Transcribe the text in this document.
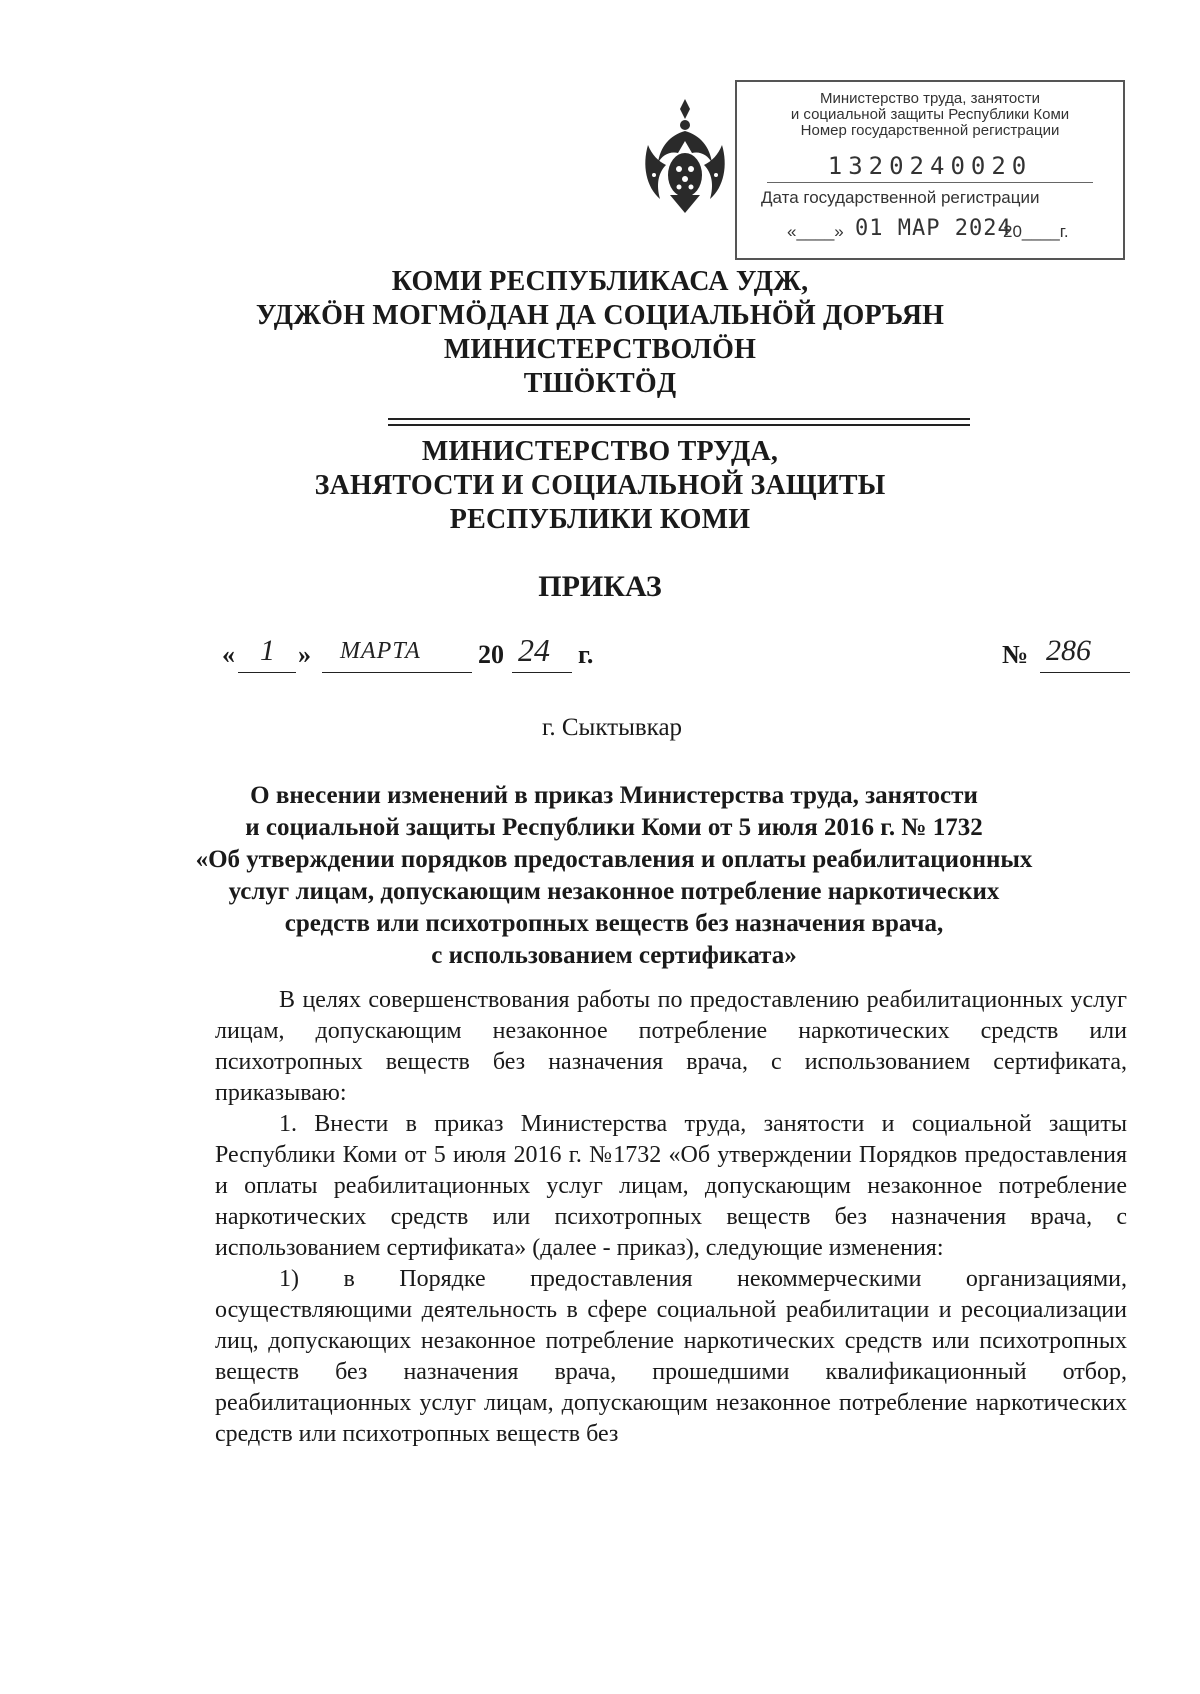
Министерство труда, занятости
и социальной защиты Республики Коми
Номер государственной регистрации
1320240020
Дата государственной регистрации
«____» 01 МАР 2024
20____г.
КОМИ РЕСПУБЛИКАСА УДЖ,
УДЖӦН МОГМӦДАН ДА СОЦИАЛЬНӦЙ ДОРЪЯН
МИНИСТЕРСТВОЛӦН
ТШӦКТӦД
МИНИСТЕРСТВО ТРУДА,
ЗАНЯТОСТИ И СОЦИАЛЬНОЙ ЗАЩИТЫ
РЕСПУБЛИКИ КОМИ
ПРИКАЗ
« 1 » МАРТА 20 24 г.	№ 286
г. Сыктывкар
О внесении изменений в приказ Министерства труда, занятости
и социальной защиты Республики Коми от 5 июля 2016 г. № 1732
«Об утверждении порядков предоставления и оплаты реабилитационных
услуг лицам, допускающим незаконное потребление наркотических
средств или психотропных веществ без назначения врача,
с использованием сертификата»

В целях совершенствования работы по предоставлению реабилитационных услуг лицам, допускающим незаконное потребление наркотических средств или психотропных веществ без назначения врача, с использованием сертификата, приказываю:

1. Внести в приказ Министерства труда, занятости и социальной защиты Республики Коми от 5 июля 2016 г. №1732 «Об утверждении Порядков предоставления и оплаты реабилитационных услуг лицам, допускающим незаконное потребление наркотических средств или психотропных веществ без назначения врача, с использованием сертификата» (далее - приказ), следующие изменения:

1) в Порядке предоставления некоммерческими организациями, осуществляющими деятельность в сфере социальной реабилитации и ресоциализации лиц, допускающих незаконное потребление наркотических средств или психотропных веществ без назначения врача, прошедшими квалификационный отбор, реабилитационных услуг лицам, допускающим незаконное потребление наркотических средств или психотропных веществ без
